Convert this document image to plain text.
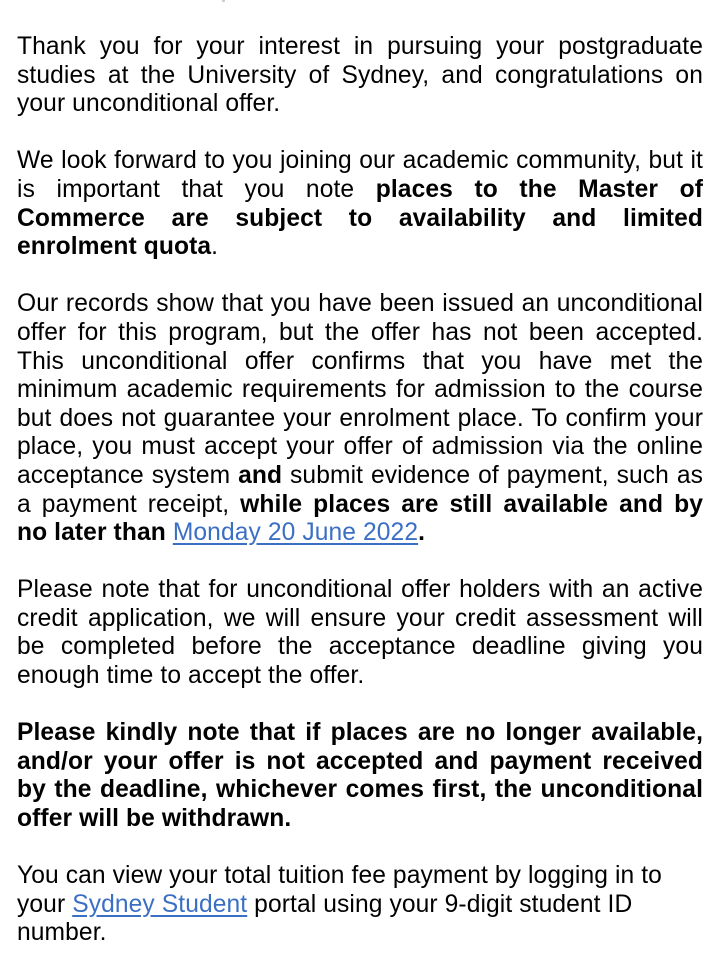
Thank you for your interest in pursuing your postgraduate studies at the University of Sydney, and congratulations on your unconditional offer.

We look forward to you joining our academic community, but it is important that you note places to the Master of Commerce are subject to availability and limited enrolment quota.

Our records show that you have been issued an unconditional offer for this program, but the offer has not been accepted. This unconditional offer confirms that you have met the minimum academic requirements for admission to the course but does not guarantee your enrolment place. To confirm your place, you must accept your offer of admission via the online acceptance system and submit evidence of payment, such as a payment receipt, while places are still available and by no later than Monday 20 June 2022.

Please note that for unconditional offer holders with an active credit application, we will ensure your credit assessment will be completed before the acceptance deadline giving you enough time to accept the offer.

Please kindly note that if places are no longer available, and/or your offer is not accepted and payment received by the deadline, whichever comes first, the unconditional offer will be withdrawn.

You can view your total tuition fee payment by logging in to your Sydney Student portal using your 9-digit student ID number.
